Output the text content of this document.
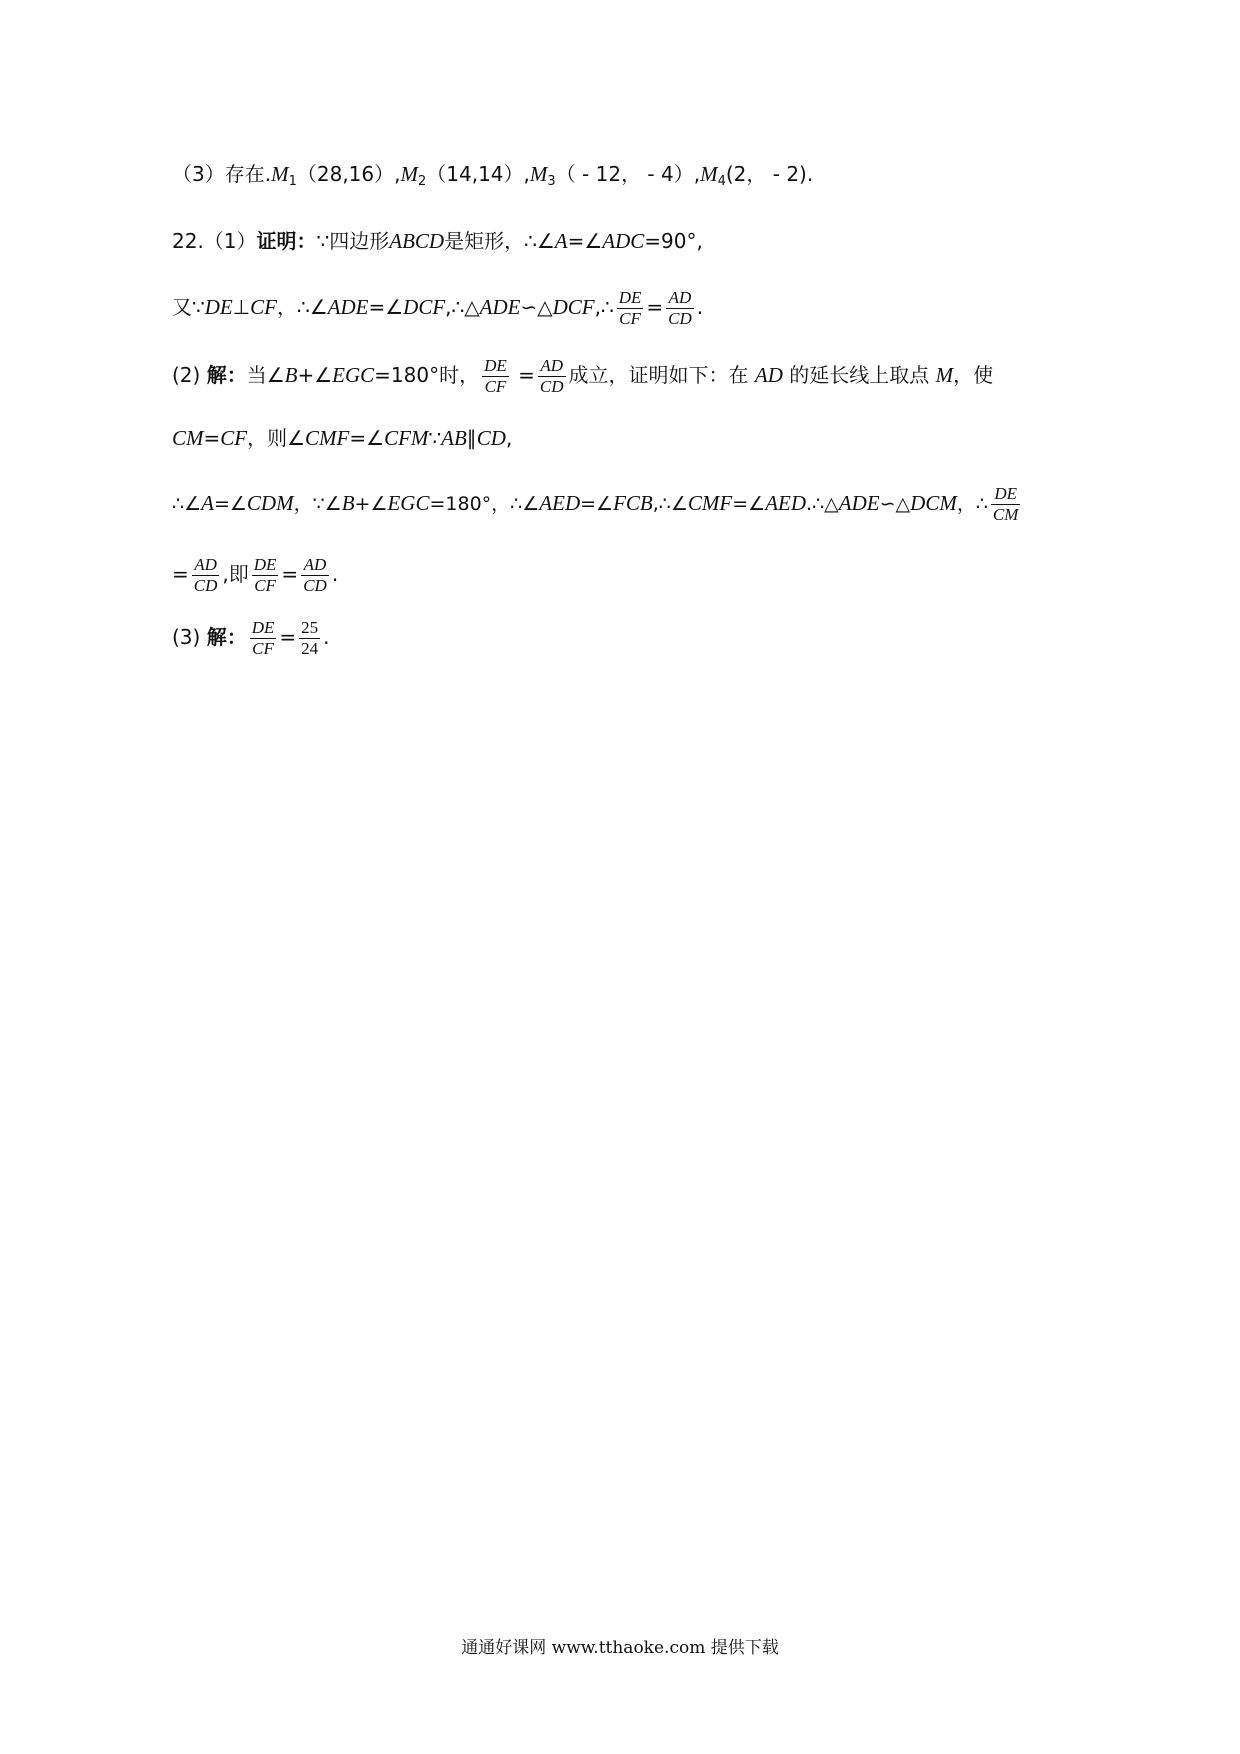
（3）存在$.M_1(28,16),M_2(14,14),M_3( - 12$， - $4),M_4(2$， - 2).
22.（1）证明：∵四边形ABCD是矩形，∴∠A=∠ADC=90°,
又∵DE⊥CF，∴∠ADE=∠DCF,∴△ADE∽△DCF,∴ $\frac{DE}{CF} = \frac{AD}{CD}$ .
(2) 解：当∠B+∠EGC=180°时， $\frac{DE}{CF} = \frac{AD}{CD}$ 成立，证明如下：在 AD 的延长线上取点 M，使
CM=CF，则∠CMF=∠CFM∵AB∥CD,
∴∠A=∠CDM，∵∠B+∠EGC=180°，∴∠AED=∠FCB,∴∠CMF=∠AED.∴△ADE∽△DCM，∴ $\frac{DE}{CM}$
= $\frac{AD}{CD}$ ,即 $\frac{DE}{CF} = \frac{AD}{CD}$ .
(3) 解： $\frac{DE}{CF} = \frac{25}{24}$ .
通通好课网 www.tthaoke.com 提供下载
